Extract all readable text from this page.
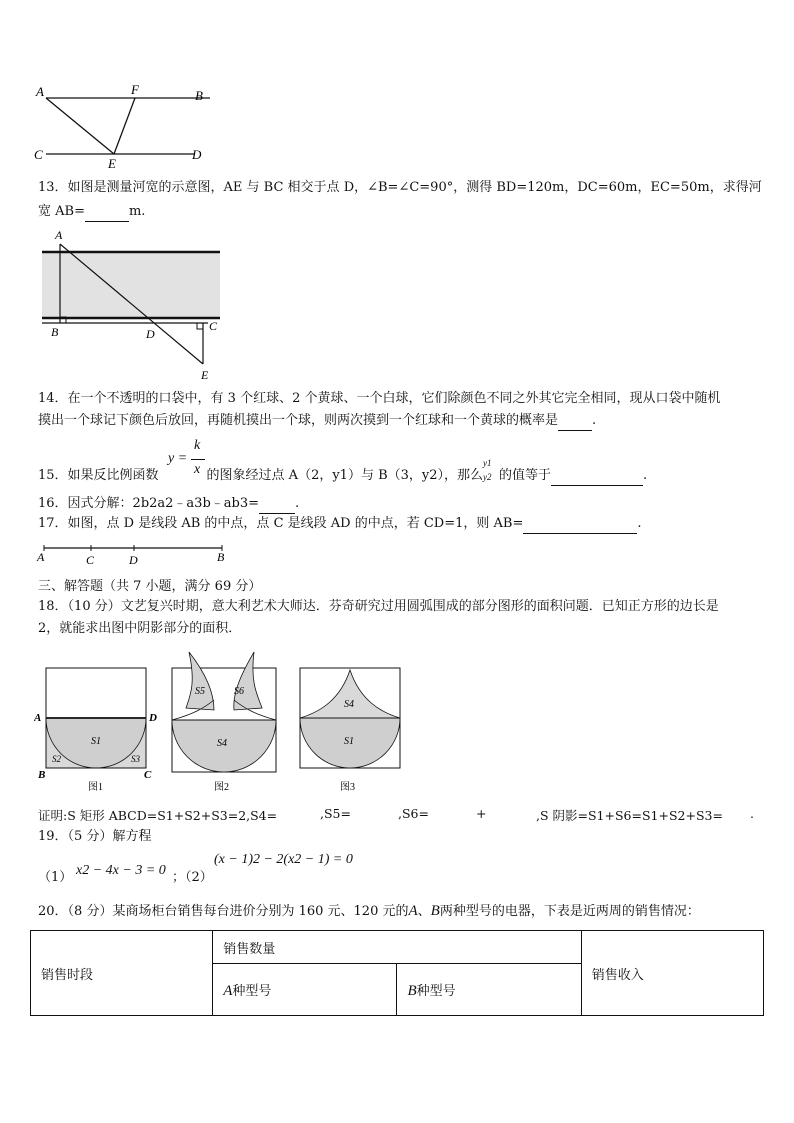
A	F	B
C
E
D
13．如图是测量河宽的示意图，AE 与 BC 相交于点 D，∠B=∠C=90°，测得 BD=120m，DC=60m，EC=50m，求得河
宽 AB=	m.
A
B	D
C
E
14．在一个不透明的口袋中，有 3 个红球、2 个黄球、一个白球，它们除颜色不同之外其它完全相同，现从口袋中随机
摸出一个球记下颜色后放回，再随机摸出一个球，则两次摸到一个红球和一个黄球的概率是	.
y =
k
x
15．如果反比例函数	的图象经过点 A（2，y1）与 B（3，y2），那么
y1
y2 的值等于	.
16．因式分解：2b2a2﹣a3b﹣ab3=	.
17．如图，点 D 是线段 AB 的中点，点 C 是线段 AD 的中点，若 CD=1，则 AB=	.
A	C	D	B
三、解答题（共 7 小题，满分 69 分）
18．（10 分）文艺复兴时期，意大利艺术大师达．芬奇研究过用圆弧围成的部分图形的面积问题．已知正方形的边长是
2，就能求出图中阴影部分的面积．
A	D
B	C
S1
S2	S3
图1
S5	S6
S4
图2
S4
S1
图3
证明:S 矩形 ABCD=S1+S2+S3=2,S4=	,S5=	,S6=	+	,S 阴影=S1+S6=S1+S2+S3= .
19．（5 分）解方程
（1） x2 − 4x − 3 = 0 ；（2）
(x − 1)2 − 2(x2 − 1) = 0
20．（8 分）某商场柜台销售每台进价分别为 160 元、120 元的A、B两种型号的电器，下表是近两周的销售情况：
销售时段	销售数量		销售收入
	A种型号	B种型号	
